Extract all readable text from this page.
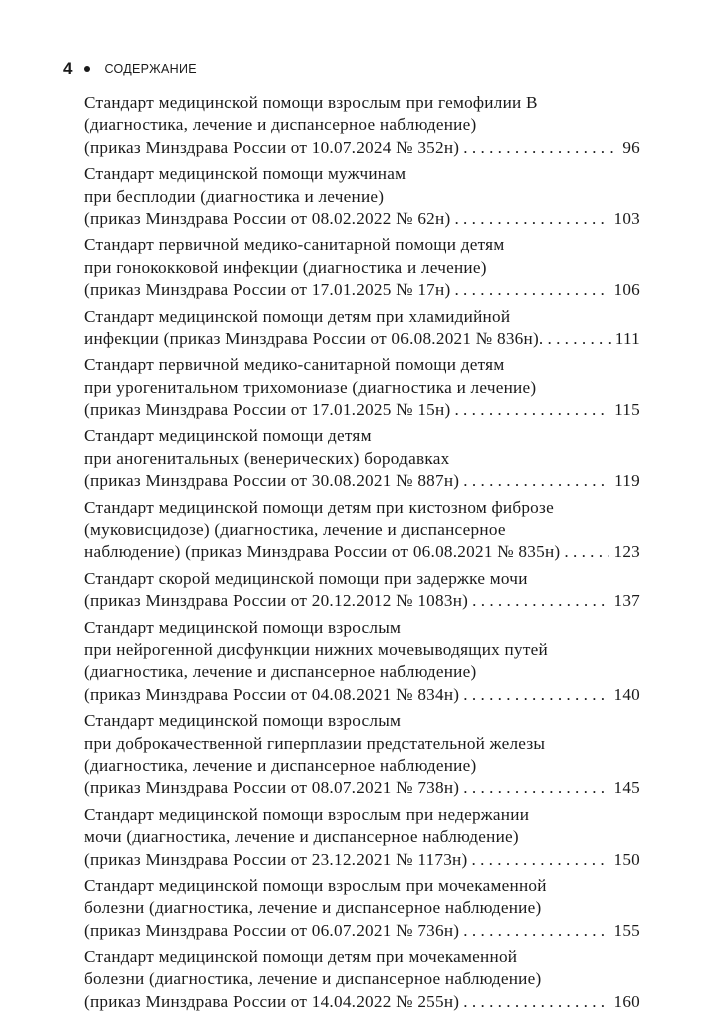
4	СОДЕРЖАНИЕ
Стандарт медицинской помощи взрослым при гемофилии B
(диагностика, лечение и диспансерное наблюдение)
(приказ Минздрава России от 10.07.2024 № 352н) . . .	96
Стандарт медицинской помощи мужчинам
при бесплодии (диагностика и лечение)
(приказ Минздрава России от 08.02.2022 № 62н) . . .	103
Стандарт первичной медико-санитарной помощи детям
при гонококковой инфекции (диагностика и лечение)
(приказ Минздрава России от 17.01.2025 № 17н) . . .	106
Стандарт медицинской помощи детям при хламидийной
инфекции (приказ Минздрава России от 06.08.2021 № 836н). . . .	111
Стандарт первичной медико-санитарной помощи детям
при урогенитальном трихомониазе (диагностика и лечение)
(приказ Минздрава России от 17.01.2025 № 15н) . . .	115
Стандарт медицинской помощи детям
при аногенитальных (венерических) бородавках
(приказ Минздрава России от 30.08.2021 № 887н) . . .	119
Стандарт медицинской помощи детям при кистозном фиброзе
(муковисцидозе) (диагностика, лечение и диспансерное
наблюдение) (приказ Минздрава России от 06.08.2021 № 835н) . . .	123
Стандарт скорой медицинской помощи при задержке мочи
(приказ Минздрава России от 20.12.2012 № 1083н) . . .	137
Стандарт медицинской помощи взрослым
при нейрогенной дисфункции нижних мочевыводящих путей
(диагностика, лечение и диспансерное наблюдение)
(приказ Минздрава России от 04.08.2021 № 834н) . . .	140
Стандарт медицинской помощи взрослым
при доброкачественной гиперплазии предстательной железы
(диагностика, лечение и диспансерное наблюдение)
(приказ Минздрава России от 08.07.2021 № 738н) . . .	145
Стандарт медицинской помощи взрослым при недержании
мочи (диагностика, лечение и диспансерное наблюдение)
(приказ Минздрава России от 23.12.2021 № 1173н) . . .	150
Стандарт медицинской помощи взрослым при мочекаменной
болезни (диагностика, лечение и диспансерное наблюдение)
(приказ Минздрава России от 06.07.2021 № 736н) . . .	155
Стандарт медицинской помощи детям при мочекаменной
болезни (диагностика, лечение и диспансерное наблюдение)
(приказ Минздрава России от 14.04.2022 № 255н) . . .	160
